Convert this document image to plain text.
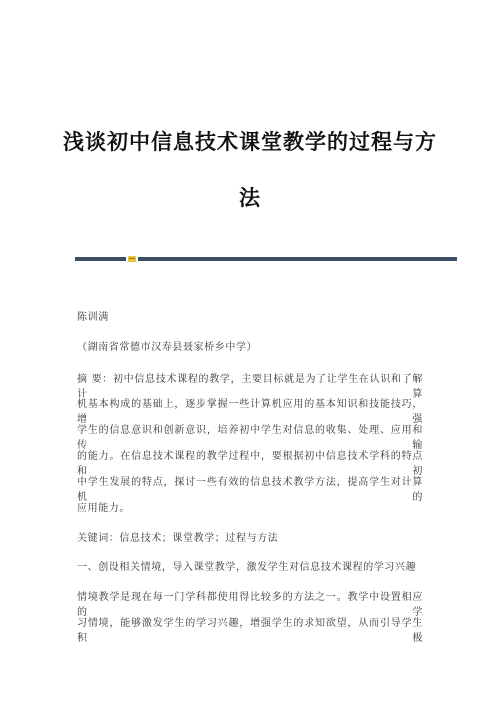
浅谈初中信息技术课堂教学的过程与方
法
陈训满
（湖南省常德市汉寿县聂家桥乡中学）
摘 要：初中信息技术课程的教学，主要目标就是为了让学生在认识和了解计算
机基本构成的基础上，逐步掌握一些计算机应用的基本知识和技能技巧，增强
学生的信息意识和创新意识，培养初中学生对信息的收集、处理、应用和传输
的能力。在信息技术课程的教学过程中，要根据初中信息技术学科的特点和初
中学生发展的特点，探讨一些有效的信息技术教学方法，提高学生对计算机的
应用能力。
关键词：信息技术；课堂教学；过程与方法
一、创设相关情境，导入课堂教学，激发学生对信息技术课程的学习兴趣
情境教学是现在每一门学科都使用得比较多的方法之一。教学中设置相应的学
习情境，能够激发学生的学习兴趣，增强学生的求知欲望，从而引导学生积极
